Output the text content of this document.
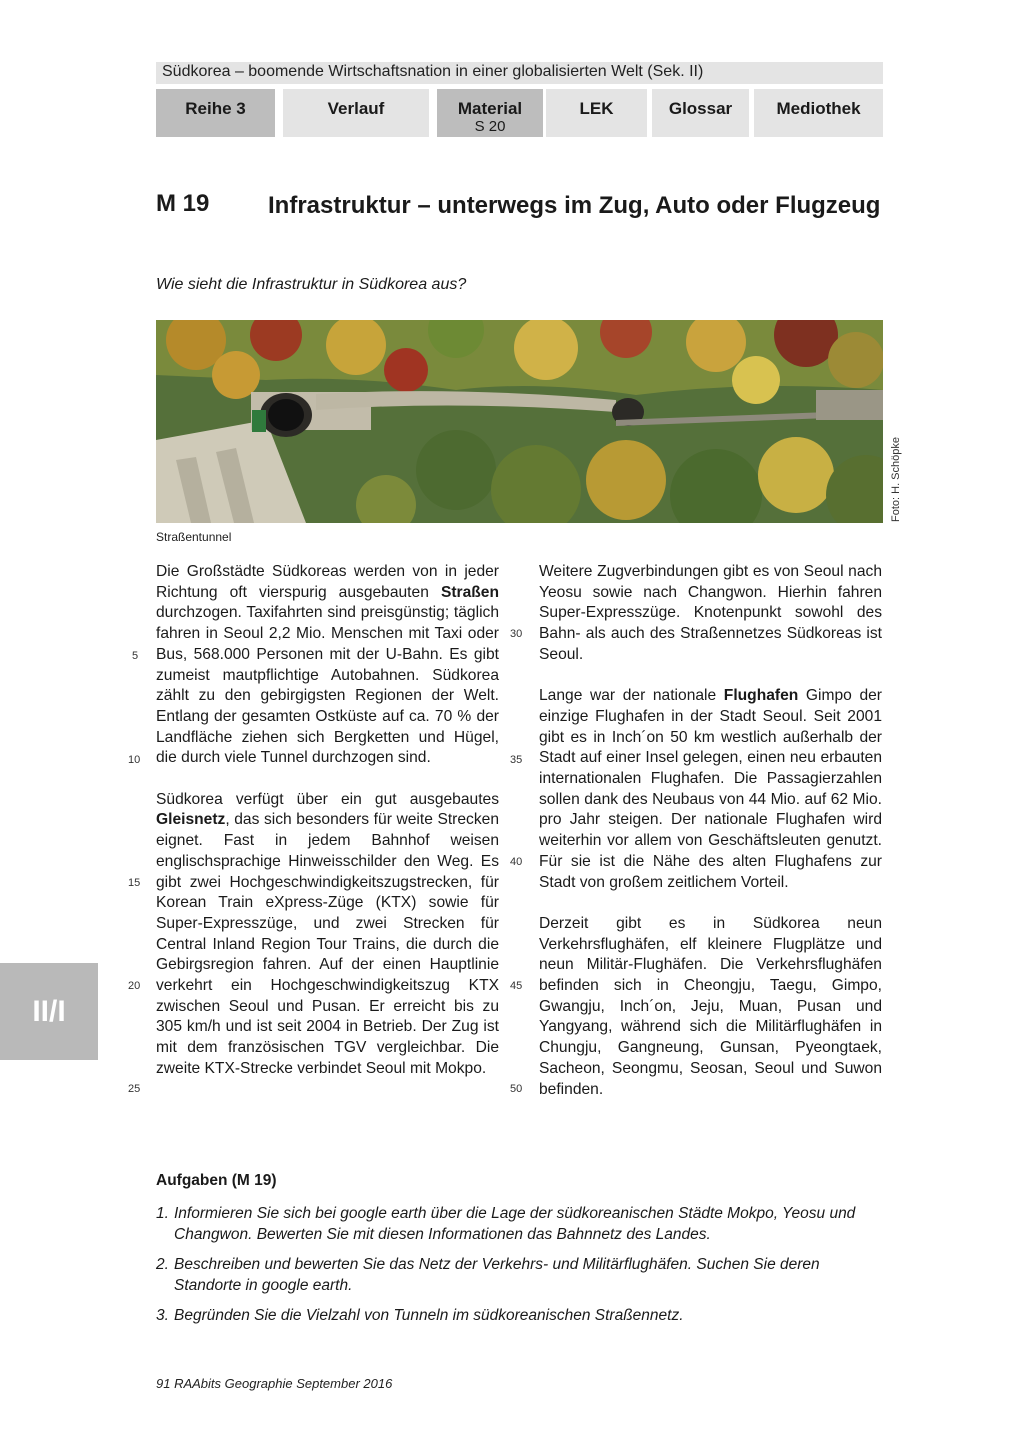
Südkorea – boomende Wirtschaftsnation in einer globalisierten Welt (Sek. II)
Reihe 3	Verlauf	Material
S 20
LEK	Glossar	Mediothek
II/I
M 19 Infrastruktur – unterwegs im Zug, Auto oder Flugzeug
Wie sieht die Infrastruktur in Südkorea aus?
Foto: H. Schöpke
Straßentunnel

Die Großstädte Südkoreas werden von in jeder Richtung oft vierspurig ausgebauten Straßen durchzogen. Taxifahrten sind preisgünstig; täglich fahren in Seoul 2,2 Mio. Menschen mit Taxi oder Bus, 568.000 Personen mit der U-Bahn. Es gibt zumeist mautpflichtige Autobahnen. Südkorea zählt zu den gebirgigsten Regionen der Welt. Entlang der gesamten Ostküste auf ca. 70 % der Landfläche ziehen sich Bergketten und Hügel, die durch viele Tunnel durchzogen sind.

Südkorea verfügt über ein gut ausgebautes Gleisnetz, das sich besonders für weite Strecken eignet. Fast in jedem Bahnhof weisen englischsprachige Hinweisschilder den Weg. Es gibt zwei Hochgeschwindigkeitszugstrecken, für Korean Train eXpress-Züge (KTX) sowie für Super-Expresszüge, und zwei Strecken für Central Inland Region Tour Trains, die durch die Gebirgsregion fahren. Auf der einen Hauptlinie verkehrt ein Hochgeschwindigkeitszug KTX zwischen Seoul und Pusan. Er erreicht bis zu 305 km/h und ist seit 2004 in Betrieb. Der Zug ist mit dem französischen TGV vergleichbar. Die zweite KTX-Strecke verbindet Seoul mit Mokpo.

Weitere Zugverbindungen gibt es von Seoul nach Yeosu sowie nach Changwon. Hierhin fahren Super-Expresszüge. Knotenpunkt sowohl des Bahn- als auch des Straßennetzes Südkoreas ist Seoul.

Lange war der nationale Flughafen Gimpo der einzige Flughafen in der Stadt Seoul. Seit 2001 gibt es in Inch´on 50 km westlich außerhalb der Stadt auf einer Insel gelegen, einen neu erbauten internationalen Flughafen. Die Passagierzahlen sollen dank des Neubaus von 44 Mio. auf 62 Mio. pro Jahr steigen. Der nationale Flughafen wird weiterhin vor allem von Geschäftsleuten genutzt. Für sie ist die Nähe des alten Flughafens zur Stadt von großem zeitlichem Vorteil.

Derzeit gibt es in Südkorea neun Verkehrsflughäfen, elf kleinere Flugplätze und neun Militär-Flughäfen. Die Verkehrsflughäfen befinden sich in Cheongju, Taegu, Gimpo, Gwangju, Inch´on, Jeju, Muan, Pusan und Yangyang, während sich die Militärflughäfen in Chungju, Gangneung, Gunsan, Pyeongtaek, Sacheon, Seongmu, Seosan, Seoul und Suwon befinden.

5
10
15
20
25
30
35
40
45
50
Aufgaben (M 19)
1. Informieren Sie sich bei google earth über die Lage der südkoreanischen Städte Mokpo, Yeosu und Changwon. Bewerten Sie mit diesen Informationen das Bahnnetz des Landes.
2. Beschreiben und bewerten Sie das Netz der Verkehrs- und Militärflughäfen. Suchen Sie deren Standorte in google earth.
3. Begründen Sie die Vielzahl von Tunneln im südkoreanischen Straßennetz.
91 RAAbits Geographie September 2016
